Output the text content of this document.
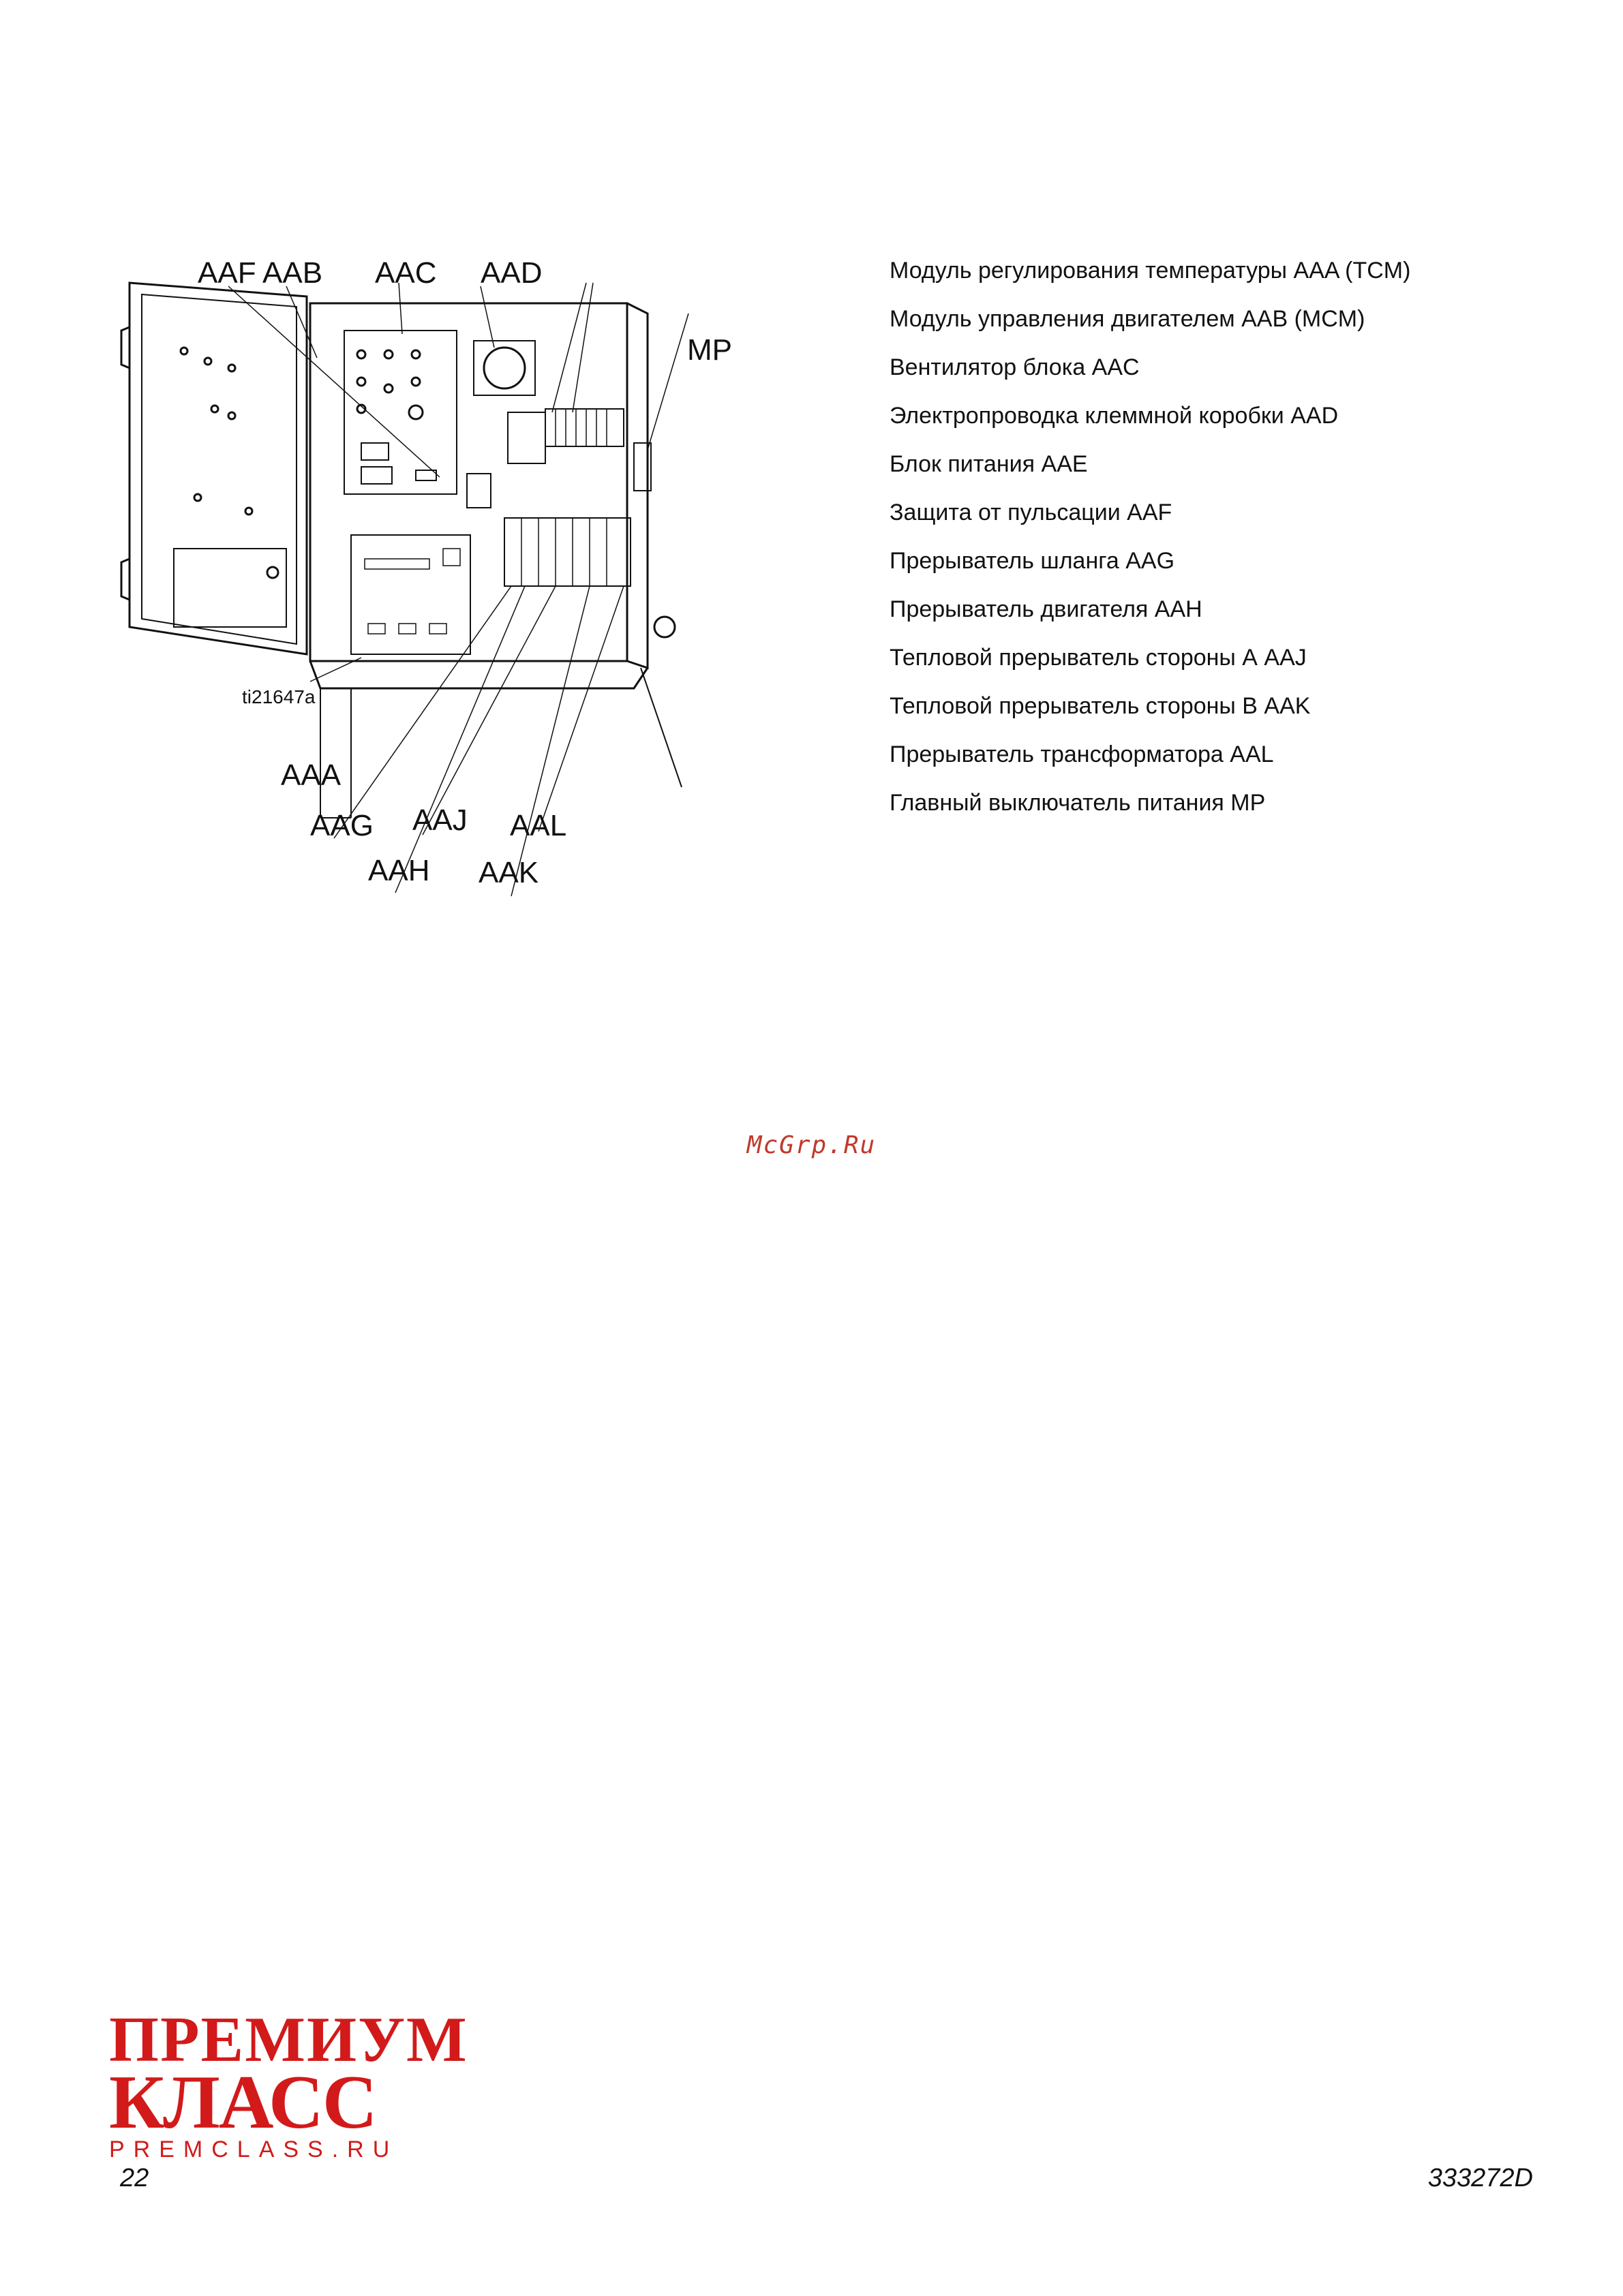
AAF AAB AAC AAD
MP
AAA
AAG AAJ AAL
AAH AAK
ti21647a
Модуль регулирования температуры AAA (TCM)
Модуль управления двигателем AAB (MCM)
Вентилятор блока AAC
Электропроводка клеммной коробки AAD
Блок питания AAE
Защита от пульсации AAF
Прерыватель шланга AAG
Прерыватель двигателя AAH
Тепловой прерыватель стороны А AAJ
Тепловой прерыватель стороны В AAK
Прерыватель трансформатора AAL
Главный выключатель питания MP
McGrp.Ru
ПРЕМИУМ
КЛАСС
PREMCLASS.RU
22	333272D
